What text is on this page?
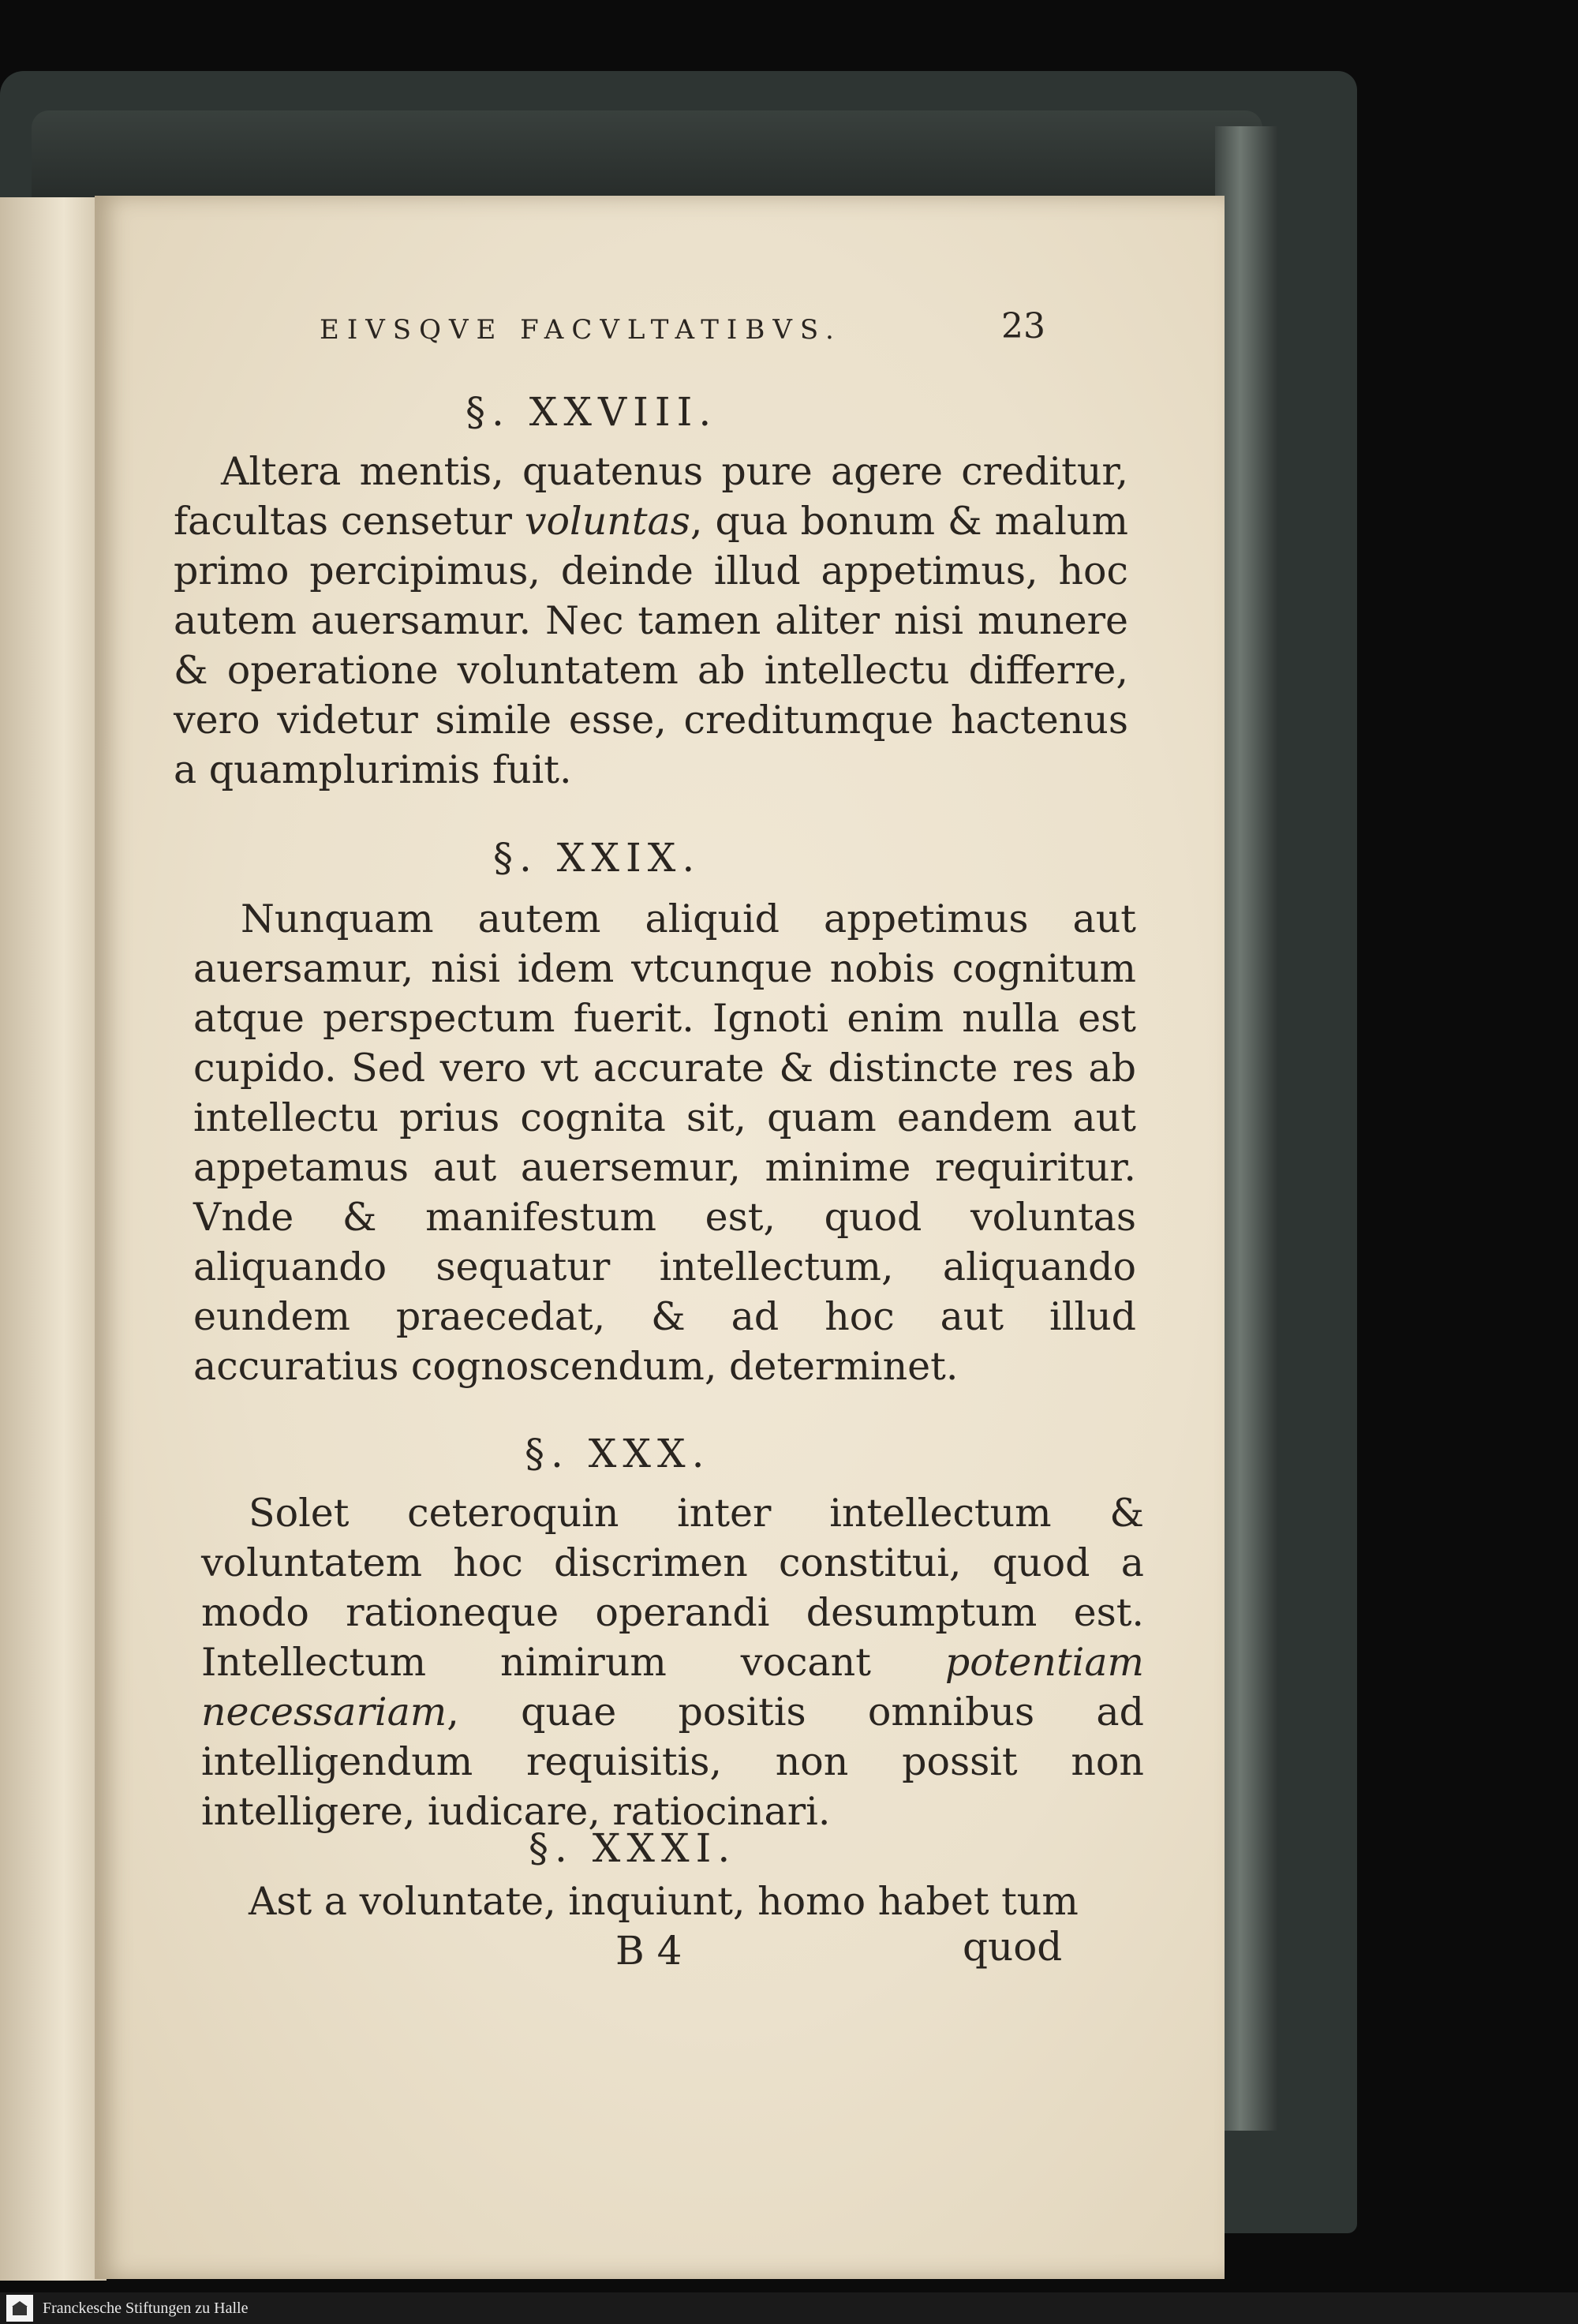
EIVSQVE FACVLTATIBVS.	23
§. XXVIII.

Altera mentis, quatenus pure agere creditur, facultas censetur voluntas, qua bonum & malum primo percipimus, deinde illud appetimus, hoc autem auersamur. Nec tamen aliter nisi munere & operatione voluntatem ab intellectu differre, vero videtur simile esse, creditumque hactenus a quamplurimis fuit.

§. XXIX.
Nunquam autem aliquid appetimus aut auersamur, nisi idem vtcunque nobis cognitum atque perspectum fuerit. Ignoti enim nulla est cupido. Sed vero vt accurate & distincte res ab intellectu prius cognita sit, quam eandem aut appetamus aut auersemur, minime requiritur. Vnde & manifestum est, quod voluntas aliquando sequatur intellectum, aliquando eundem praecedat, & ad hoc aut illud accuratius cognoscendum, determinet.
§. XXX.

Solet ceteroquin inter intellectum & voluntatem hoc discrimen constitui, quod a modo rationeque operandi desumptum est. Intellectum nimirum vocant potentiam necessariam, quae positis omnibus ad intelligendum requisitis, non possit non intelligere, iudicare, ratiocinari.

§. XXXI.
Ast a voluntate, inquiunt, homo habet tum
B 4	quod
Franckesche Stiftungen zu Halle
